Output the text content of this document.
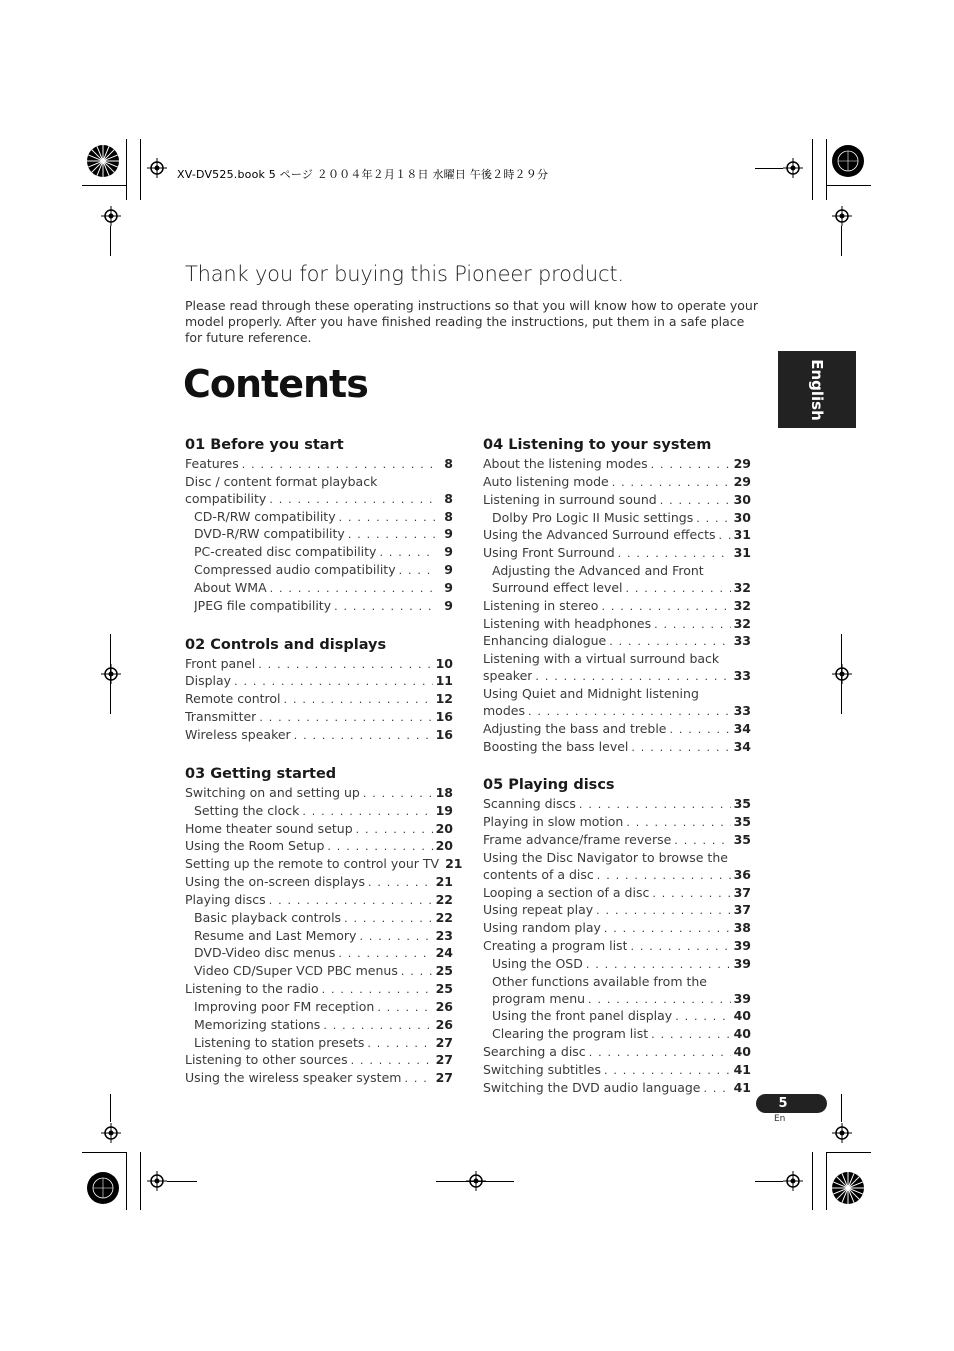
XV-DV525.book 5 ページ ２００４年２月１８日 水曜日 午後２時２９分
Thank you for buying this Pioneer product.
Please read through these operating instructions so that you will know how to operate your model properly. After you have finished reading the instructions, put them in a safe place for future reference.
Contents	English
01 Before you start
Features . . .	8
Disc / content format playback
compatibility . . .	8
CD-R/RW compatibility . . .	8
DVD-R/RW compatibility . . .	9
PC-created disc compatibility . . .	9
Compressed audio compatibility . . .	9
About WMA . . .	9
JPEG file compatibility . . .	9
02 Controls and displays
Front panel . . .	10
Display . . .	11
Remote control . . .	12
Transmitter . . .	16
Wireless speaker . . .	16
03 Getting started
Switching on and setting up . . .	18
Setting the clock . . .	19
Home theater sound setup . . .	20
Using the Room Setup . . .	20
Setting up the remote to control your TV 21
Using the on-screen displays . . .	21
Playing discs . . .	22
Basic playback controls . . .	22
Resume and Last Memory . . .	23
DVD-Video disc menus . . .	24
Video CD/Super VCD PBC menus . . .	25
Listening to the radio . . .	25
Improving poor FM reception . . .	26
Memorizing stations . . .	26
Listening to station presets . . .	27
Listening to other sources . . .	27
Using the wireless speaker system . . .	27
04 Listening to your system
About the listening modes . . .	29
Auto listening mode . . .	29
Listening in surround sound . . .	30
Dolby Pro Logic II Music settings . . .	30
Using the Advanced Surround effects . . . 31
Using Front Surround . . .	31
Adjusting the Advanced and Front
Surround effect level . . .	32
Listening in stereo . . .	32
Listening with headphones . . .	32
Enhancing dialogue . . .	33
Listening with a virtual surround back
speaker . . .	33
Using Quiet and Midnight listening
modes . . .	33
Adjusting the bass and treble . . .	34
Boosting the bass level . . .	34
05 Playing discs
Scanning discs . . .	35
Playing in slow motion . . .	35
Frame advance/frame reverse . . .	35
Using the Disc Navigator to browse the
contents of a disc . . .	36
Looping a section of a disc . . .	37
Using repeat play . . .	37
Using random play . . .	38
Creating a program list . . .	39
Using the OSD . . .	39
Other functions available from the
program menu . . .	39
Using the front panel display . . .	40
Clearing the program list . . .	40
Searching a disc . . .	40
Switching subtitles . . .	41
Switching the DVD audio language . . .	41
5
En
